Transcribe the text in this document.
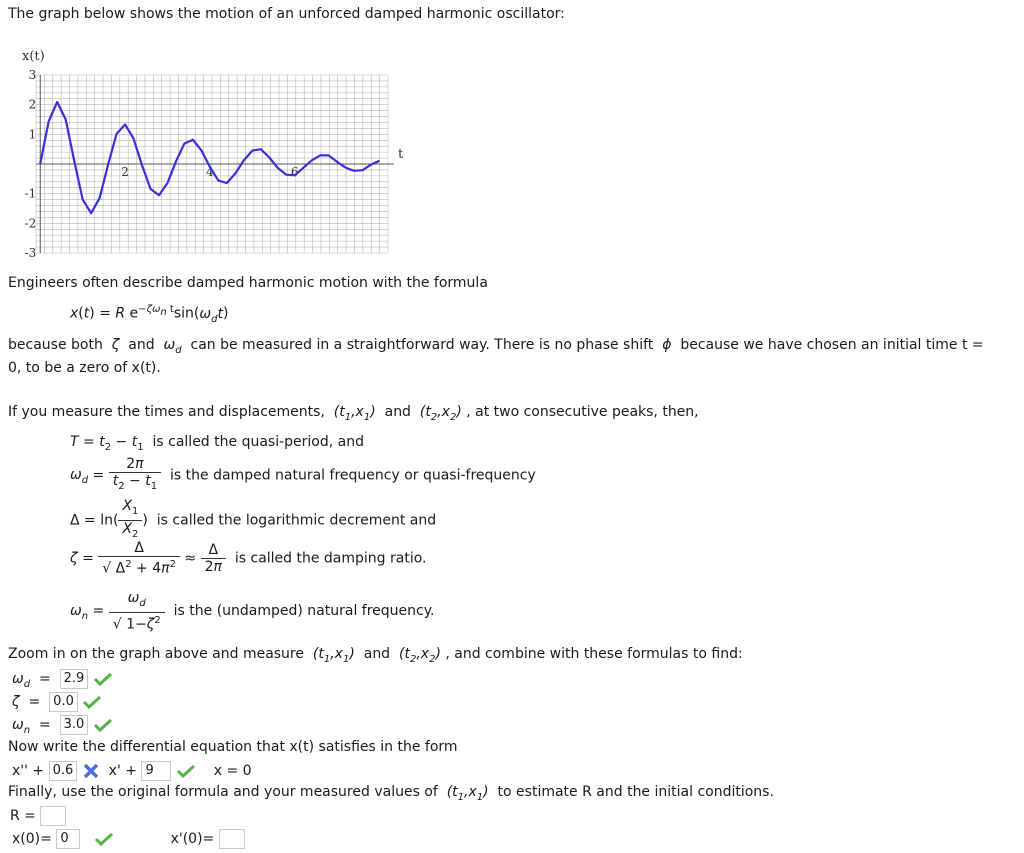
The graph below shows the motion of an unforced damped harmonic oscillator:
3
2
1
-1
-2
-3
2	4	6
x(t)
t
Engineers often describe damped harmonic motion with the formula
x(t) = R $e^{-\zeta\omega_n t}\sin(\omega_dt)$
because both  ζ  and  $\omega_d$ can be measured in a straightforward way. There is no phase shift  ϕ  because we have chosen an initial time t =
0, to be a zero of x(t).
If you measure the times and displacements,  $(t_1,x_1)$  and  $(t_2,x_2)$ , at two consecutive peaks, then,
$T = t_2 - t_1$ is called the quasi-period, and
$\omega_d = \frac{2\pi}{t_2 - t_1}$ is the damped natural frequency or quasi-frequency
$\Delta = \ln( \frac{X_1}{X_2}$ )  is called the logarithmic decrement and
$\zeta = \frac{\Delta}{√ \Delta^2 + 4\pi^2} \approx \frac{\Delta}{2\pi}$ is called the damping ratio.
$\omega_n = \frac{\omega_d}{√ 1-\zeta^2}$ is the (undamped) natural frequency.
Zoom in on the graph above and measure  $(t_1,x_1)$  and  $(t_2,x_2)$ , and combine with these formulas to find:
$\omega_d = 2.9$
ζ = 0.0
$\omega_n = 3.0$
Now write the differential equation that x(t) satisfies in the form
x'' + 0.6	x' + 9	x = 0
Finally, use the original formula and your measured values of  $(t_1,x_1)$  to estimate R and the initial conditions.
R =
x(0)= 0	x'(0)=
